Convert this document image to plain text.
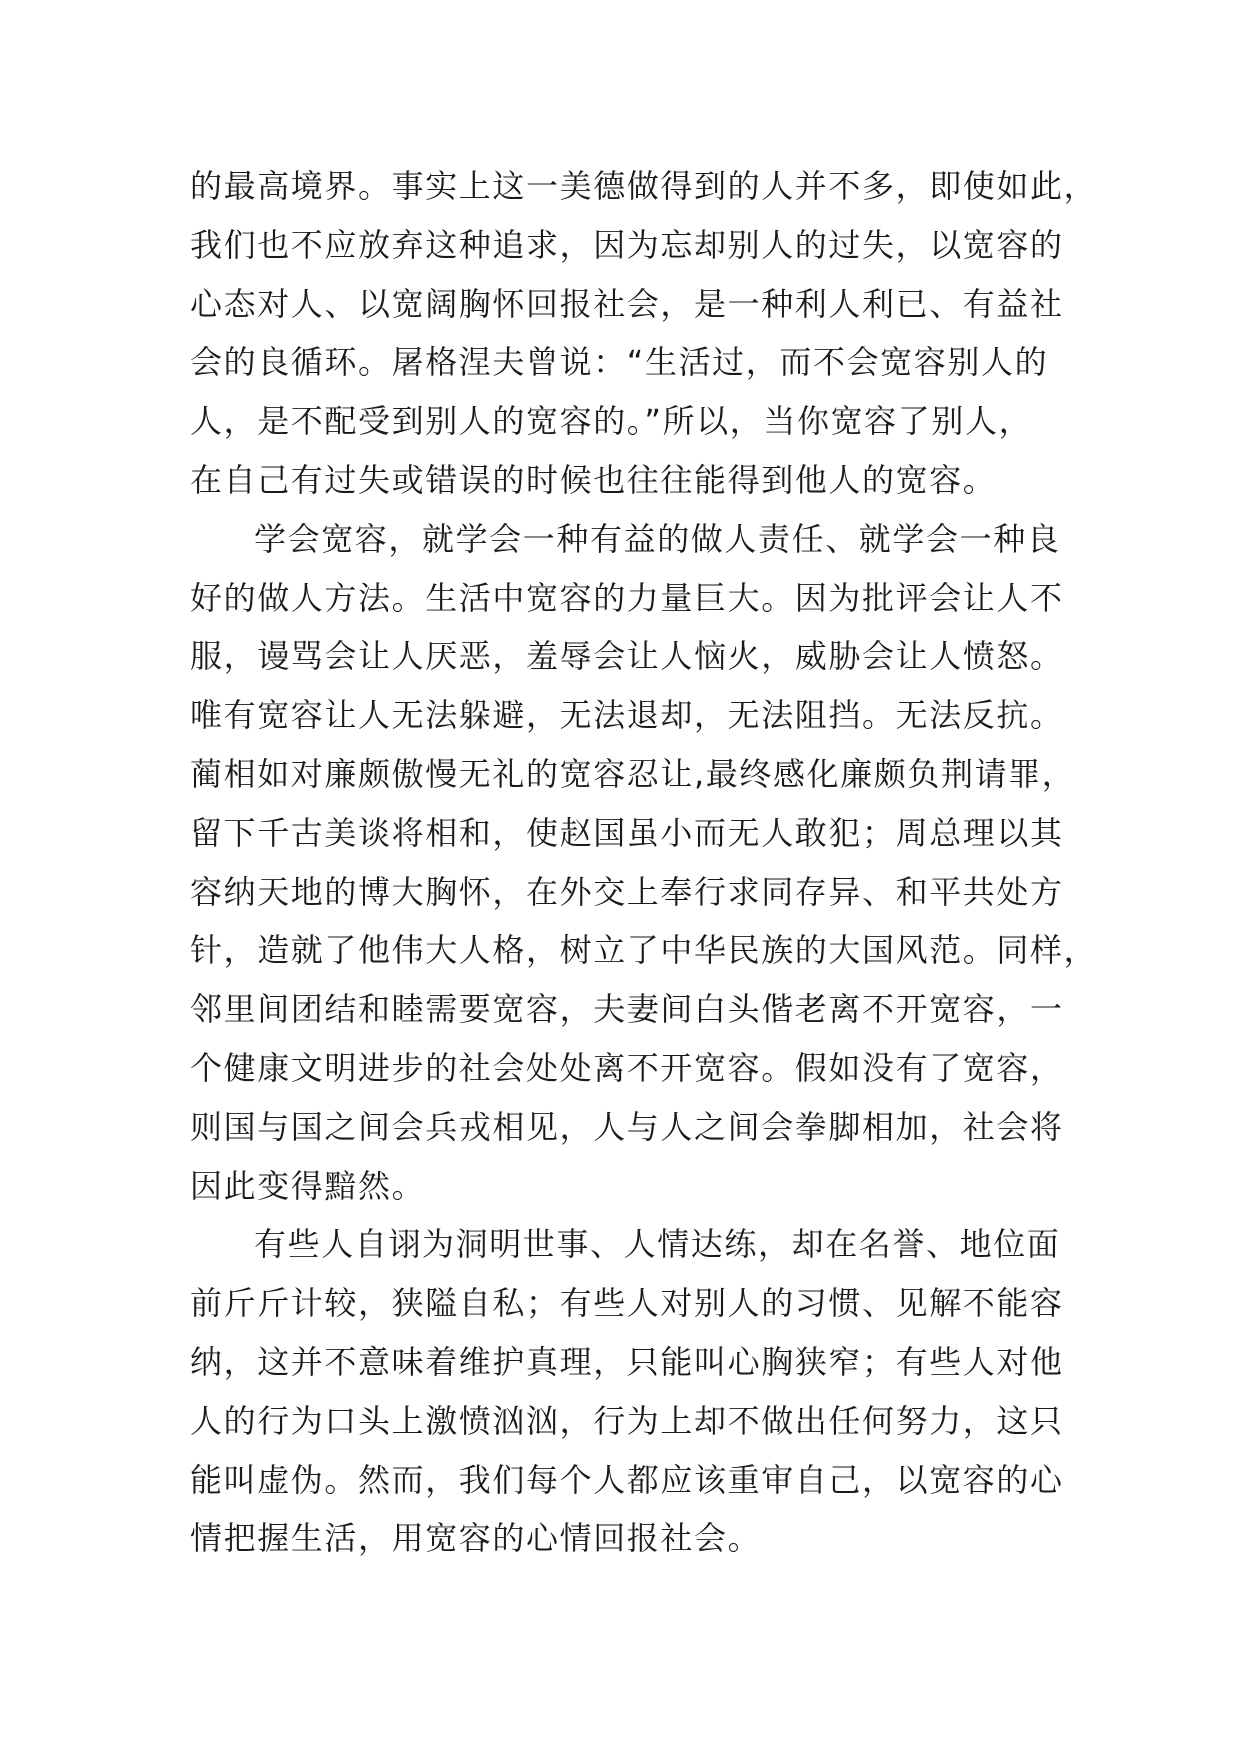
的最高境界。事实上这一美德做得到的人并不多，即使如此，
我们也不应放弃这种追求，因为忘却别人的过失，以宽容的
心态对人、以宽阔胸怀回报社会，是一种利人利已、有益社
会的良循环。屠格涅夫曾说：“生活过，而不会宽容别人的
人，是不配受到别人的宽容的。”所以，当你宽容了别人，
在自己有过失或错误的时候也往往能得到他人的宽容。
学会宽容，就学会一种有益的做人责任、就学会一种良
好的做人方法。生活中宽容的力量巨大。因为批评会让人不
服，谩骂会让人厌恶，羞辱会让人恼火，威胁会让人愤怒。
唯有宽容让人无法躲避，无法退却，无法阻挡。无法反抗。
蔺相如对廉颇傲慢无礼的宽容忍让,最终感化廉颇负荆请罪，
留下千古美谈将相和，使赵国虽小而无人敢犯；周总理以其
容纳天地的博大胸怀，在外交上奉行求同存异、和平共处方
针，造就了他伟大人格，树立了中华民族的大国风范。同样，
邻里间团结和睦需要宽容，夫妻间白头偕老离不开宽容，一
个健康文明进步的社会处处离不开宽容。假如没有了宽容，
则国与国之间会兵戎相见，人与人之间会拳脚相加，社会将
因此变得黯然。
有些人自诩为洞明世事、人情达练，却在名誉、地位面
前斤斤计较，狭隘自私；有些人对别人的习惯、见解不能容
纳，这并不意味着维护真理，只能叫心胸狭窄；有些人对他
人的行为口头上激愤汹汹，行为上却不做出任何努力，这只
能叫虚伪。然而，我们每个人都应该重审自己，以宽容的心
情把握生活，用宽容的心情回报社会。
